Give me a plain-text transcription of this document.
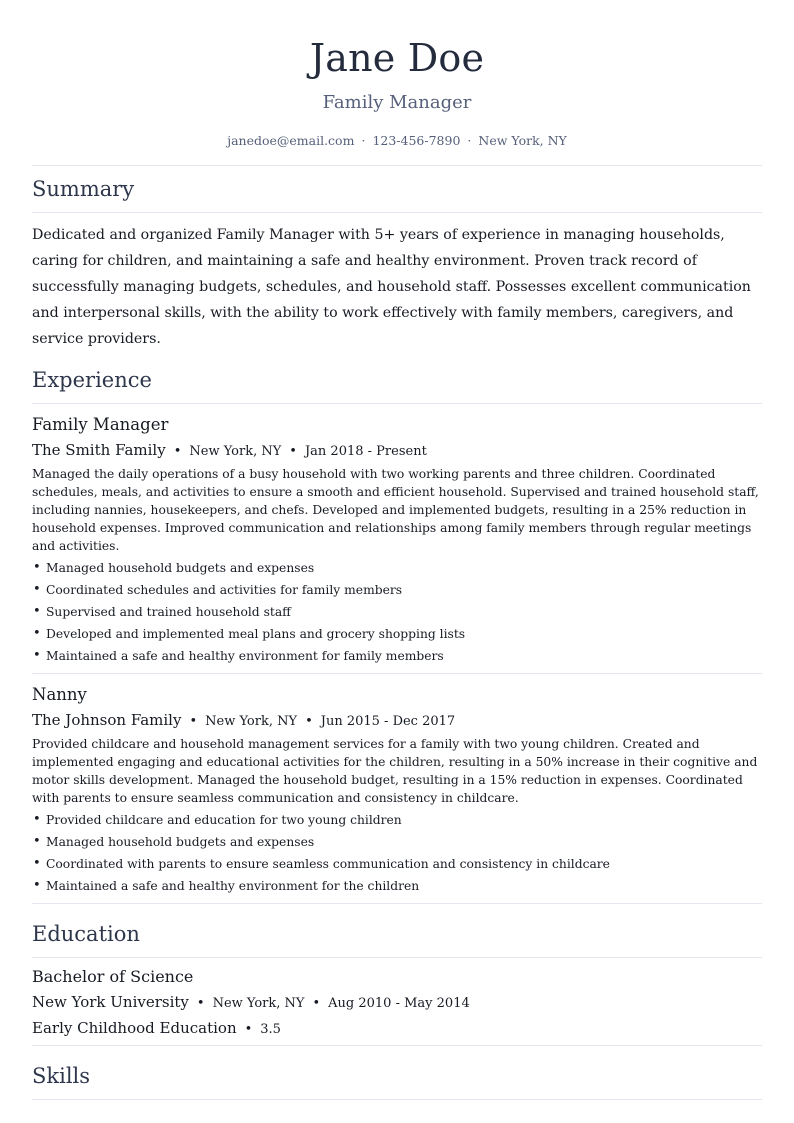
Jane Doe
Family Manager
janedoe@email.com · 123-456-7890 · New York, NY
Summary
Dedicated and organized Family Manager with 5+ years of experience in managing households, caring for children, and maintaining a safe and healthy environment. Proven track record of successfully managing budgets, schedules, and household staff. Possesses excellent communication and interpersonal skills, with the ability to work effectively with family members, caregivers, and service providers.
Experience
Family Manager
The Smith Family • New York, NY • Jan 2018 - Present
Managed the daily operations of a busy household with two working parents and three children. Coordinated schedules, meals, and activities to ensure a smooth and efficient household. Supervised and trained household staff, including nannies, housekeepers, and chefs. Developed and implemented budgets, resulting in a 25% reduction in household expenses. Improved communication and relationships among family members through regular meetings and activities.
• Managed household budgets and expenses
• Coordinated schedules and activities for family members
• Supervised and trained household staff
• Developed and implemented meal plans and grocery shopping lists
• Maintained a safe and healthy environment for family members
Nanny
The Johnson Family • New York, NY • Jun 2015 - Dec 2017
Provided childcare and household management services for a family with two young children. Created and implemented engaging and educational activities for the children, resulting in a 50% increase in their cognitive and motor skills development. Managed the household budget, resulting in a 15% reduction in expenses. Coordinated with parents to ensure seamless communication and consistency in childcare.
• Provided childcare and education for two young children
• Managed household budgets and expenses
• Coordinated with parents to ensure seamless communication and consistency in childcare
• Maintained a safe and healthy environment for the children
Education
Bachelor of Science
New York University • New York, NY • Aug 2010 - May 2014
Early Childhood Education • 3.5
Skills
